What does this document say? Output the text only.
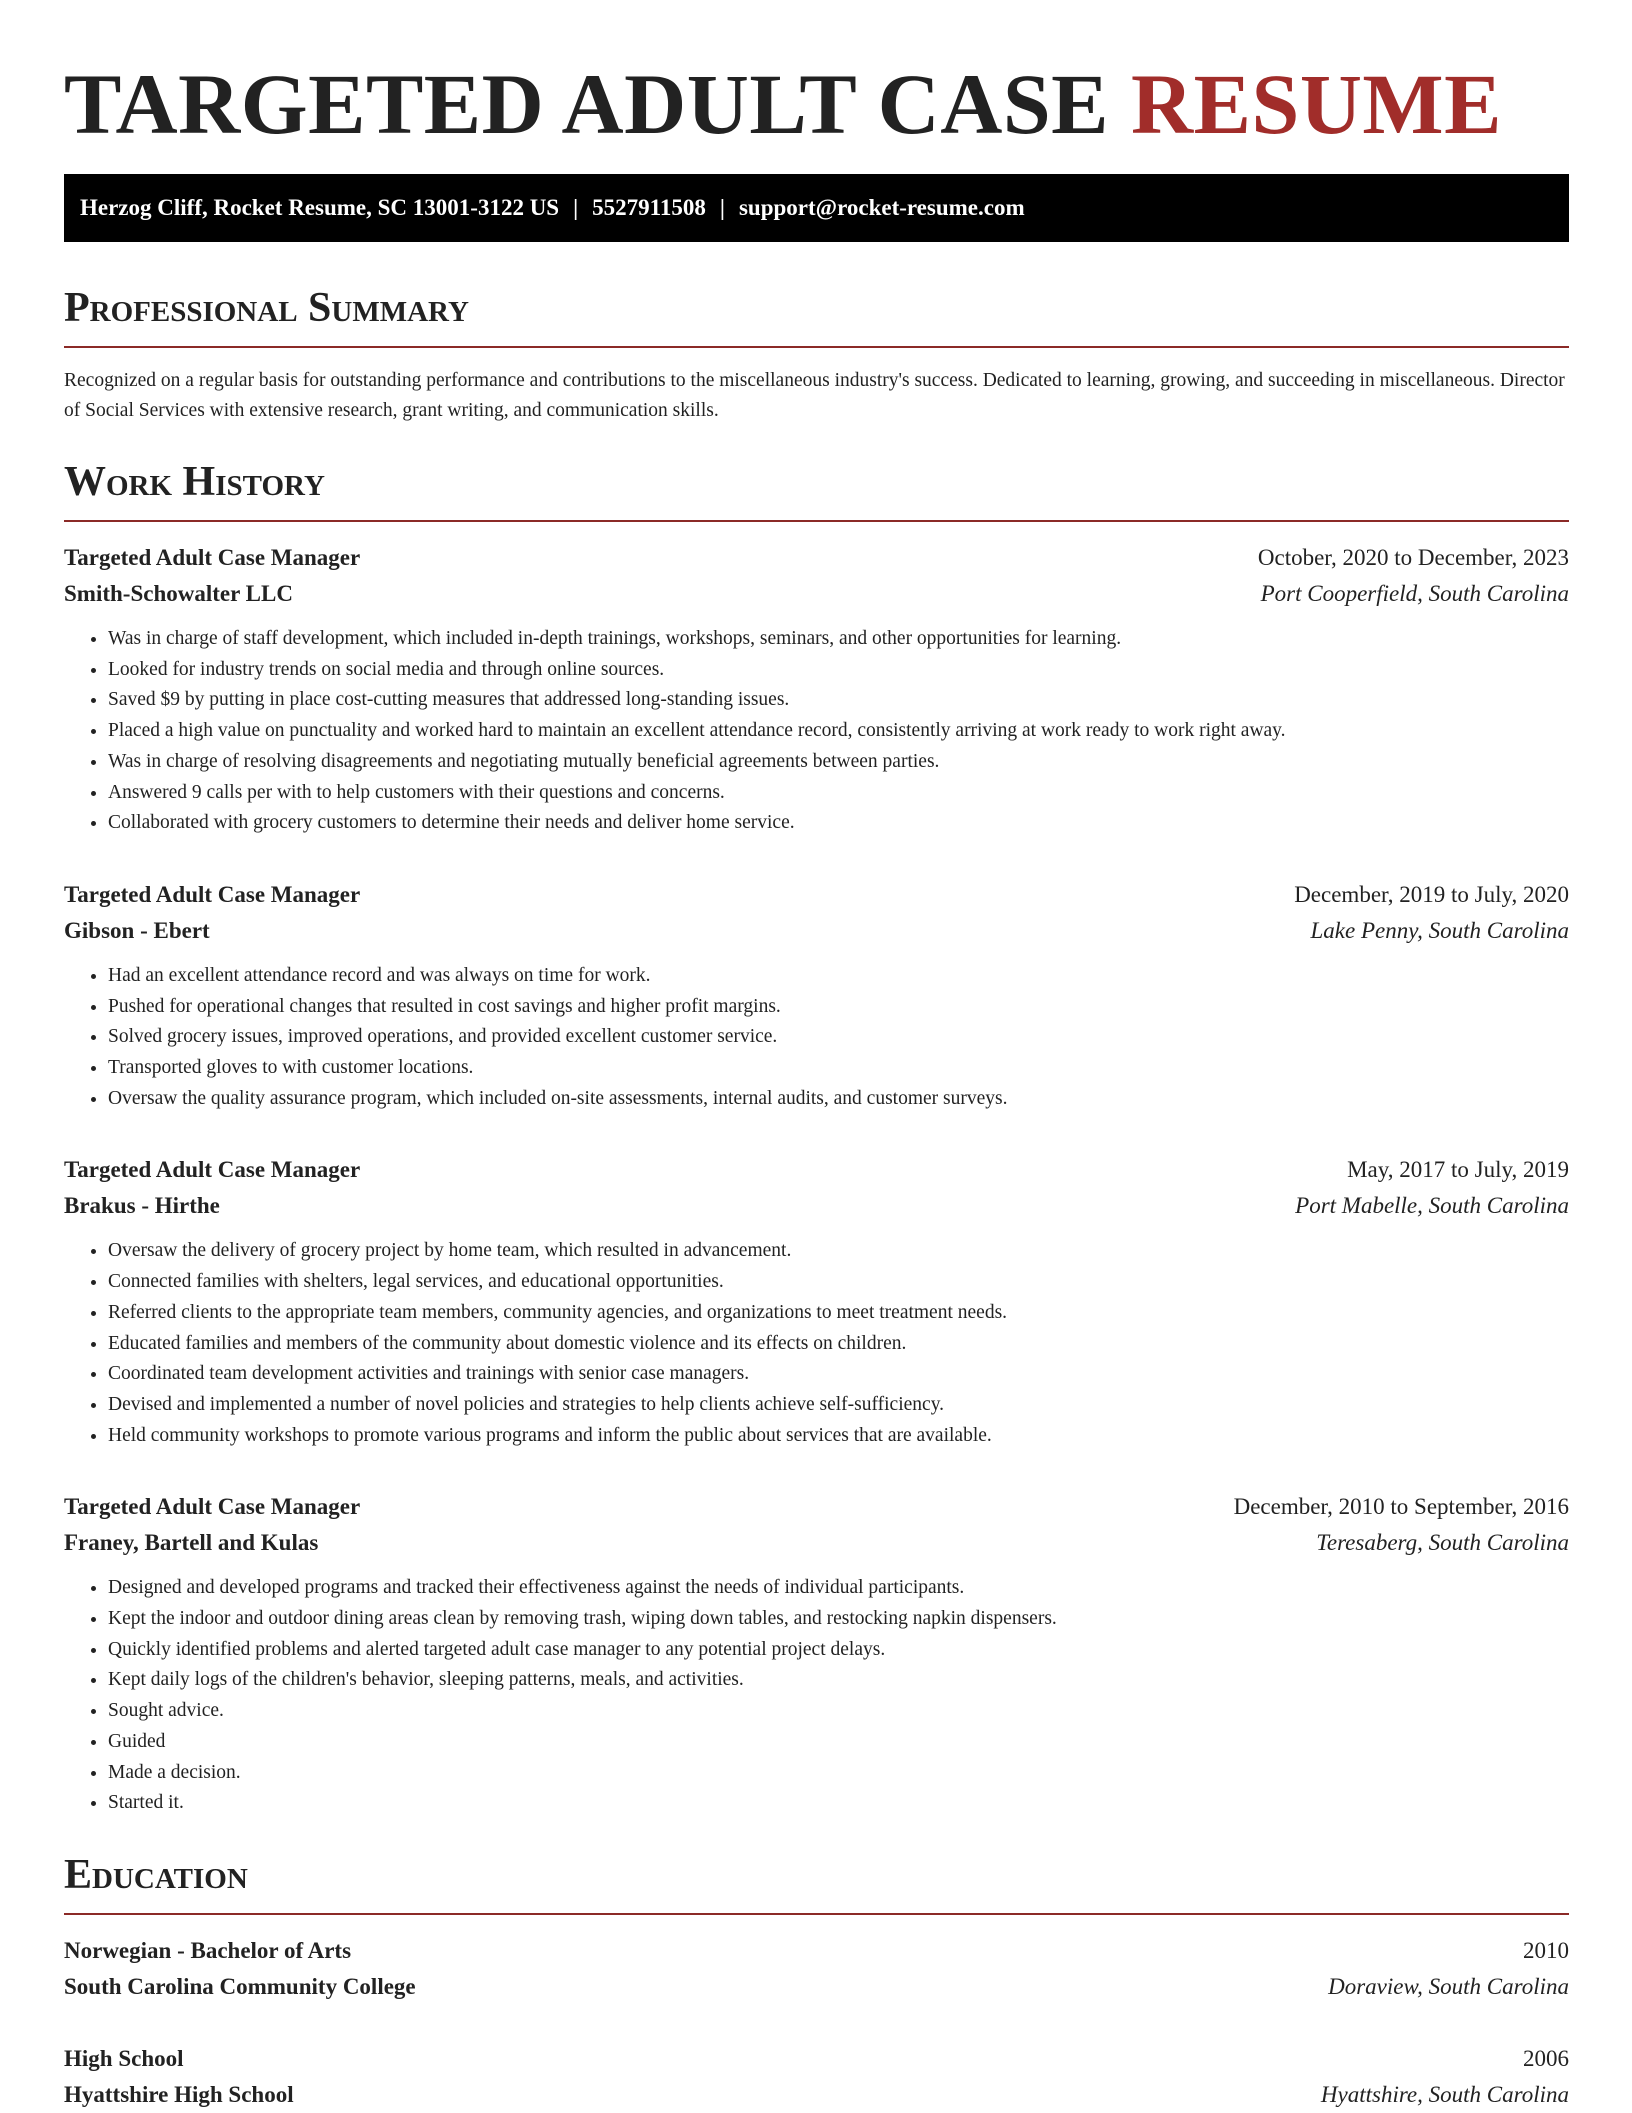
TARGETED ADULT CASE RESUME
Herzog Cliff, Rocket Resume, SC 13001-3122 US | 5527911508 | support@rocket-resume.com
Professional Summary

Recognized on a regular basis for outstanding performance and contributions to the miscellaneous industry's success. Dedicated to learning, growing, and succeeding in miscellaneous. Director of Social Services with extensive research, grant writing, and communication skills.

Work History
Targeted Adult Case Manager	October, 2020 to December, 2023
Smith-Schowalter LLC	Port Cooperfield, South Carolina
• Was in charge of staff development, which included in-depth trainings, workshops, seminars, and other opportunities for learning.
• Looked for industry trends on social media and through online sources.
• Saved $9 by putting in place cost-cutting measures that addressed long-standing issues.
• Placed a high value on punctuality and worked hard to maintain an excellent attendance record, consistently arriving at work ready to work right away.
• Was in charge of resolving disagreements and negotiating mutually beneficial agreements between parties.
• Answered 9 calls per with to help customers with their questions and concerns.
• Collaborated with grocery customers to determine their needs and deliver home service.
Targeted Adult Case Manager	December, 2019 to July, 2020
Gibson - Ebert	Lake Penny, South Carolina
• Had an excellent attendance record and was always on time for work.
• Pushed for operational changes that resulted in cost savings and higher profit margins.
• Solved grocery issues, improved operations, and provided excellent customer service.
• Transported gloves to with customer locations.
• Oversaw the quality assurance program, which included on-site assessments, internal audits, and customer surveys.
Targeted Adult Case Manager	May, 2017 to July, 2019
Brakus - Hirthe	Port Mabelle, South Carolina
• Oversaw the delivery of grocery project by home team, which resulted in advancement.
• Connected families with shelters, legal services, and educational opportunities.
• Referred clients to the appropriate team members, community agencies, and organizations to meet treatment needs.
• Educated families and members of the community about domestic violence and its effects on children.
• Coordinated team development activities and trainings with senior case managers.
• Devised and implemented a number of novel policies and strategies to help clients achieve self-sufficiency.
• Held community workshops to promote various programs and inform the public about services that are available.
Targeted Adult Case Manager	December, 2010 to September, 2016
Franey, Bartell and Kulas	Teresaberg, South Carolina
• Designed and developed programs and tracked their effectiveness against the needs of individual participants.
• Kept the indoor and outdoor dining areas clean by removing trash, wiping down tables, and restocking napkin dispensers.
• Quickly identified problems and alerted targeted adult case manager to any potential project delays.
• Kept daily logs of the children's behavior, sleeping patterns, meals, and activities.
• Sought advice.
• Guided
• Made a decision.
• Started it.
Education
Norwegian - Bachelor of Arts	2010
South Carolina Community College	Doraview, South Carolina
High School	2006
Hyattshire High School	Hyattshire, South Carolina
